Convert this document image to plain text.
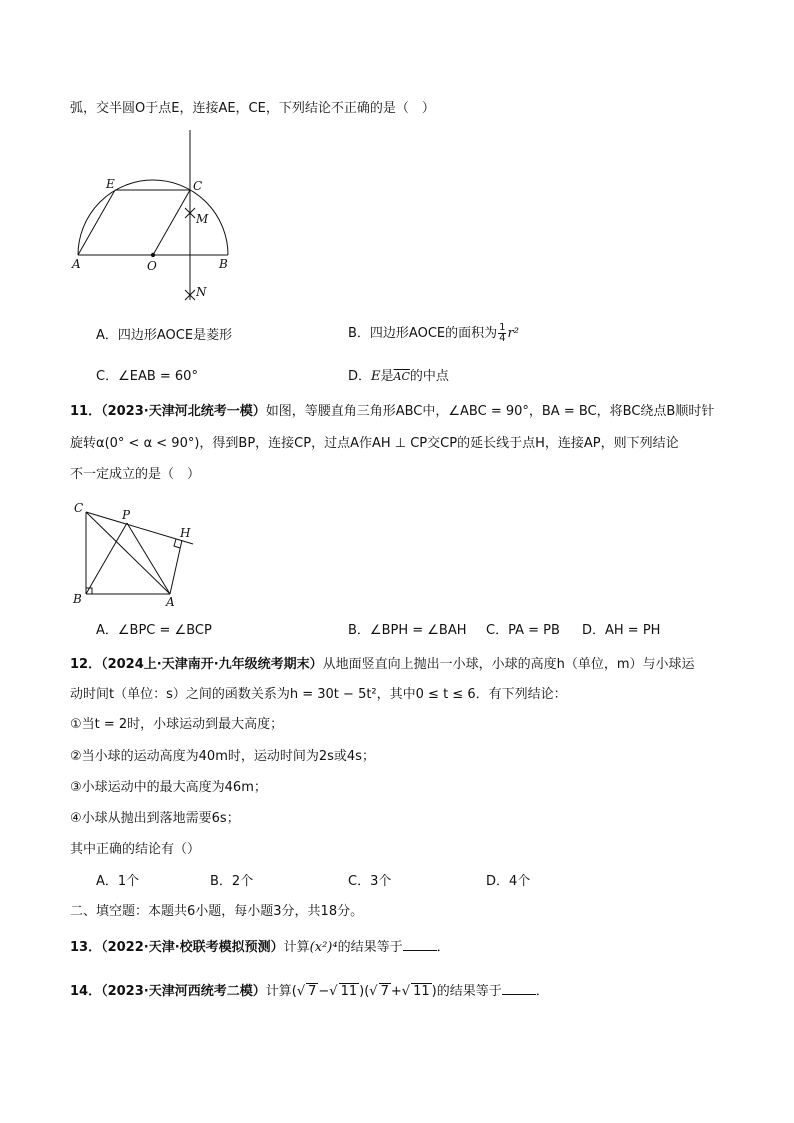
弧，交半圆O于点E，连接AE，CE，下列结论不正确的是（　）
E	C
M
A	O	B
N
A．四边形AOCE是菱形	B．四边形AOCE的面积为 $\frac{1}{4} r^2$
C．∠EAB = 60°	D．E是$\overline{AC}$的中点
11．（2023·天津河北统考一模）如图，等腰直角三角形ABC中，∠ABC = 90°，BA = BC，将BC绕点B顺时针
旋转α(0° < α < 90°)，得到BP，连接CP，过点A作AH ⊥ CP交CP的延长线于点H，连接AP，则下列结论
不一定成立的是（　）
C	P
H
B	A
A．∠BPC = ∠BCP	B．∠BPH = ∠BAH C．PA = PB D．AH = PH
12．（2024上·天津南开·九年级统考期末）从地面竖直向上抛出一小球，小球的高度h（单位，m）与小球运
动时间t（单位：s）之间的函数关系为h = 30t − 5t²，其中0 ≤ t ≤ 6．有下列结论：
①当t = 2时，小球运动到最大高度；
②当小球的运动高度为40m时，运动时间为2s或4s；
③小球运动中的最大高度为46m；
④小球从抛出到落地需要6s；
其中正确的结论有（）
A．1个	B．2个	C．3个	D．4个
二、填空题：本题共6小题，每小题3分，共18分。
13．（2022·天津·校联考模拟预测）计算(x²)⁴的结果等于	．
14．（2023·天津河西统考二模）计算(√ 7 −√ 11 )(√ 7 +√ 11 )的结果等于	．
